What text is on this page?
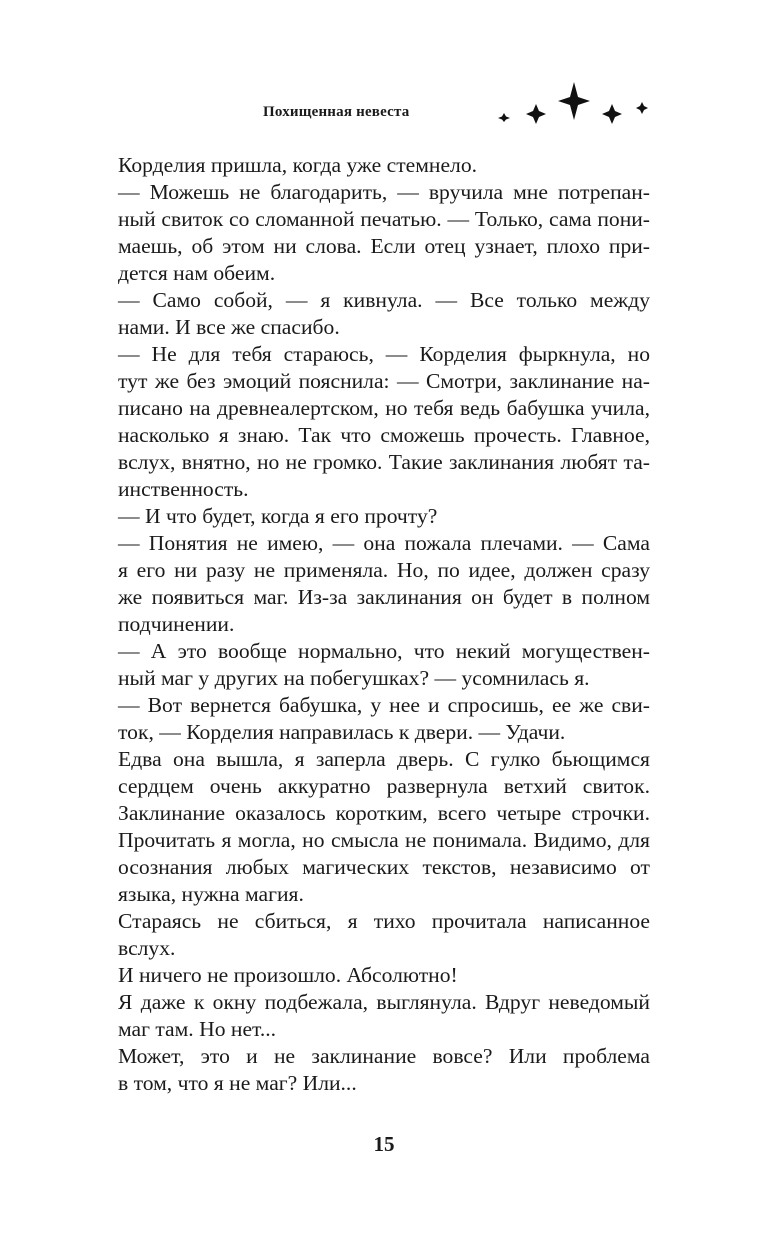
Похищенная невеста
Корделия пришла, когда уже стемнело.
— Можешь не благодарить, — вручила мне потрепан-
ный свиток со сломанной печатью. — Только, сама пони-
маешь, об этом ни слова. Если отец узнает, плохо при-
дется нам обеим.
— Само собой, — я кивнула. — Все только между
нами. И все же спасибо.
— Не для тебя стараюсь, — Корделия фыркнула, но
тут же без эмоций пояснила: — Смотри, заклинание на-
писано на древнеалертском, но тебя ведь бабушка учила,
насколько я знаю. Так что сможешь прочесть. Главное,
вслух, внятно, но не громко. Такие заклинания любят та-
инственность.
— И что будет, когда я его прочту?
— Понятия не имею, — она пожала плечами. — Сама
я его ни разу не применяла. Но, по идее, должен сразу
же появиться маг. Из-за заклинания он будет в полном
подчинении.
— А это вообще нормально, что некий могуществен-
ный маг у других на побегушках? — усомнилась я.
— Вот вернется бабушка, у нее и спросишь, ее же сви-
ток, — Корделия направилась к двери. — Удачи.
Едва она вышла, я заперла дверь. С гулко бьющимся
сердцем очень аккуратно развернула ветхий свиток.
Заклинание оказалось коротким, всего четыре строчки.
Прочитать я могла, но смысла не понимала. Видимо, для
осознания любых магических текстов, независимо от
языка, нужна магия.
Стараясь не сбиться, я тихо прочитала написанное
вслух.
И ничего не произошло. Абсолютно!
Я даже к окну подбежала, выглянула. Вдруг неведомый
маг там. Но нет...
Может, это и не заклинание вовсе? Или проблема
в том, что я не маг? Или...
15
